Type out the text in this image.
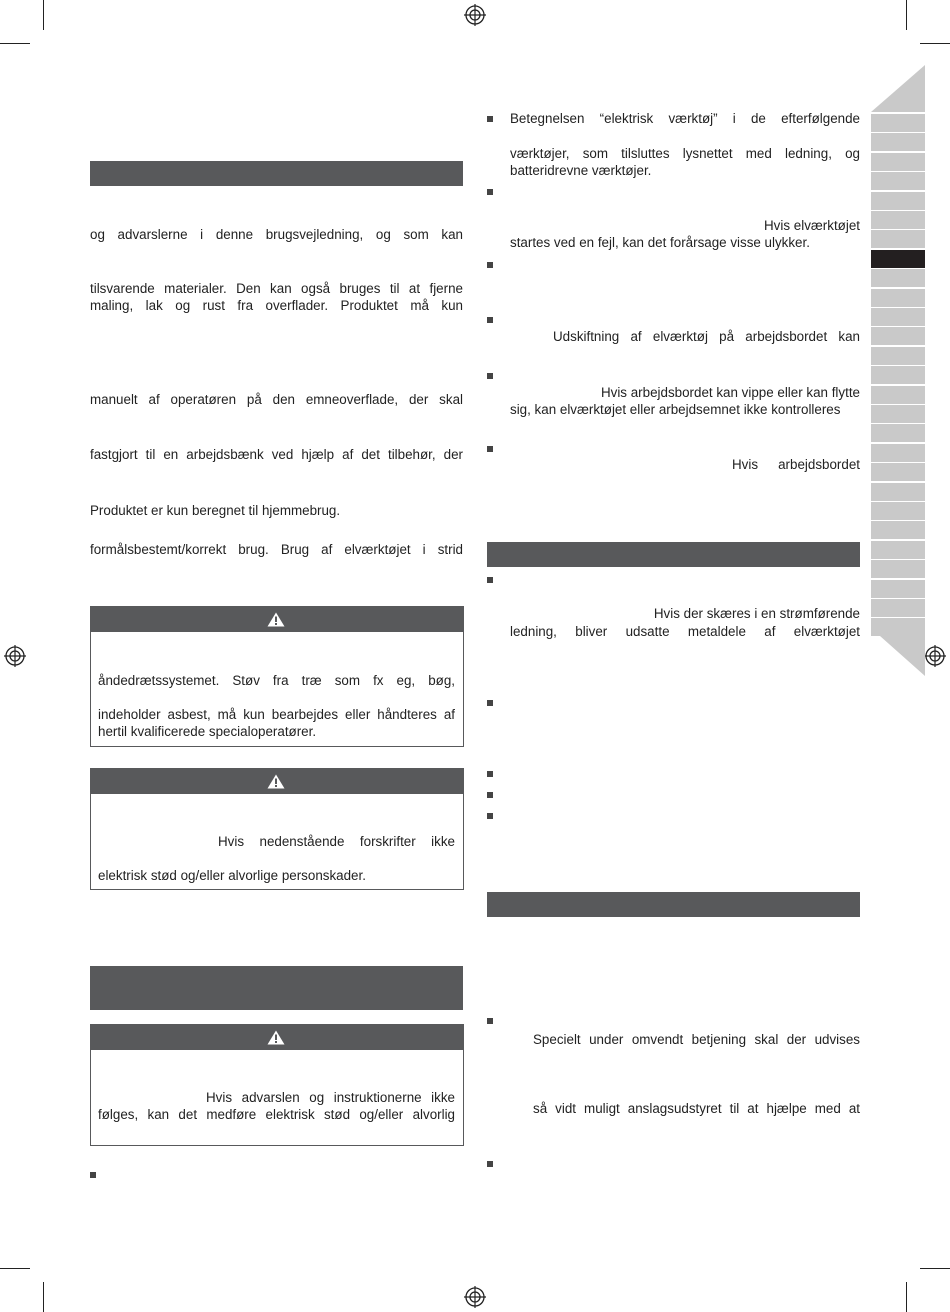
og advarslerne i denne brugsvejledning, og som kan
tilsvarende materialer. Den kan også bruges til at fjerne
maling, lak og rust fra overflader. Produktet må kun
manuelt af operatøren på den emneoverflade, der skal
fastgjort til en arbejdsbænk ved hjælp af det tilbehør, der
Produktet er kun beregnet til hjemmebrug.
formålsbestemt/korrekt brug. Brug af elværktøjet i strid
åndedrætssystemet. Støv fra træ som fx eg, bøg,
indeholder asbest, må kun bearbejdes eller håndteres af
hertil kvalificerede specialoperatører.
Hvis nedenstående forskrifter ikke
elektrisk stød og/eller alvorlige personskader.
Hvis advarslen og instruktionerne ikke
følges, kan det medføre elektrisk stød og/eller alvorlig
Betegnelsen “elektrisk værktøj” i de efterfølgende
værktøjer, som tilsluttes lysnettet med ledning, og
batteridrevne værktøjer.
Hvis elværktøjet
startes ved en fejl, kan det forårsage visse ulykker.
Udskiftning af elværktøj på arbejdsbordet kan
Hvis arbejdsbordet kan vippe eller kan flytte
sig, kan elværktøjet eller arbejdsemnet ikke kontrolleres
Hvis arbejdsbordet
Hvis der skæres i en strømførende
ledning, bliver udsatte metaldele af elværktøjet
Specielt under omvendt betjening skal der udvises
så vidt muligt anslagsudstyret til at hjælpe med at
